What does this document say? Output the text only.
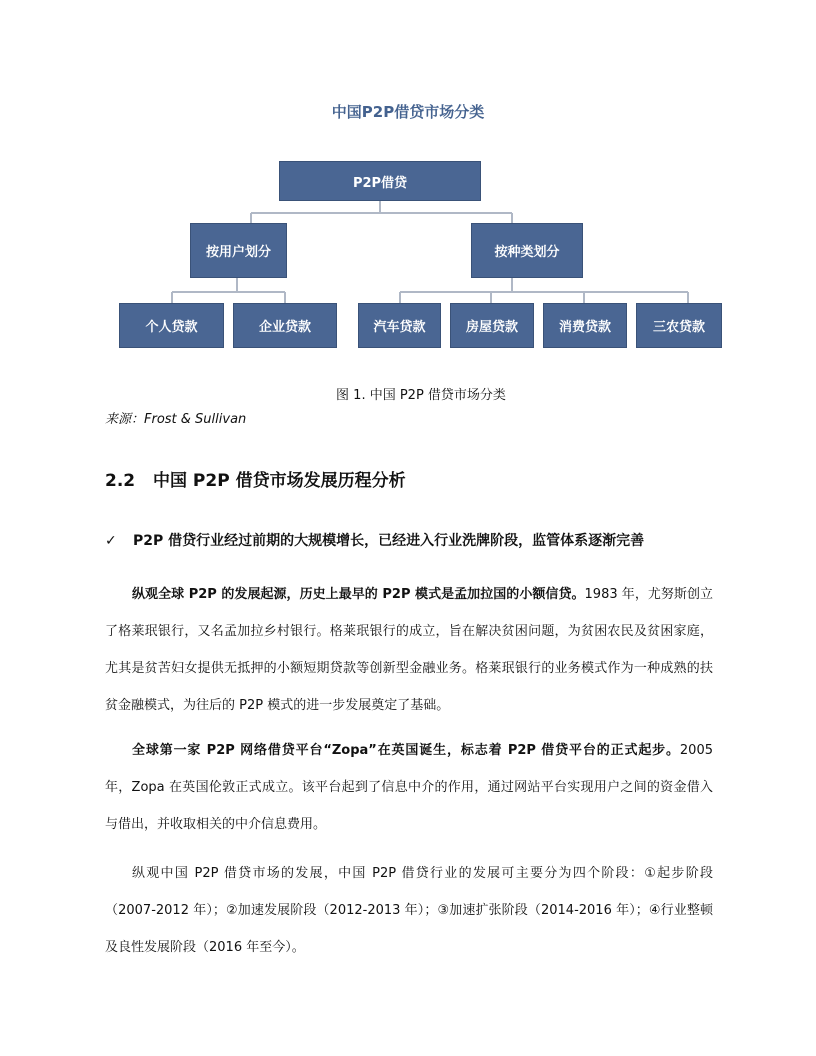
中国P2P借贷市场分类
P2P借贷
按用户划分	按种类划分
个人贷款	企业贷款	汽车贷款	房屋贷款	消费贷款	三农贷款
图 1. 中国 P2P 借贷市场分类
来源：Frost & Sullivan
2.2 中国 P2P 借贷市场发展历程分析
✓ P2P 借贷行业经过前期的大规模增长，已经进入行业洗牌阶段，监管体系逐渐完善
纵观全球 P2P 的发展起源，历史上最早的 P2P 模式是孟加拉国的小额信贷。1983 年，尤努斯创立了格莱珉银行，又名孟加拉乡村银行。格莱珉银行的成立，旨在解决贫困问题，为贫困农民及贫困家庭，尤其是贫苦妇女提供无抵押的小额短期贷款等创新型金融业务。格莱珉银行的业务模式作为一种成熟的扶贫金融模式，为往后的 P2P 模式的进一步发展奠定了基础。
全球第一家 P2P 网络借贷平台“Zopa”在英国诞生，标志着 P2P 借贷平台的正式起步。2005 年，Zopa 在英国伦敦正式成立。该平台起到了信息中介的作用，通过网站平台实现用户之间的资金借入与借出，并收取相关的中介信息费用。
纵观中国 P2P 借贷市场的发展，中国 P2P 借贷行业的发展可主要分为四个阶段：①起步阶段（2007-2012 年）；②加速发展阶段（2012-2013 年）；③加速扩张阶段（2014-2016 年）；④行业整顿及良性发展阶段（2016 年至今）。
